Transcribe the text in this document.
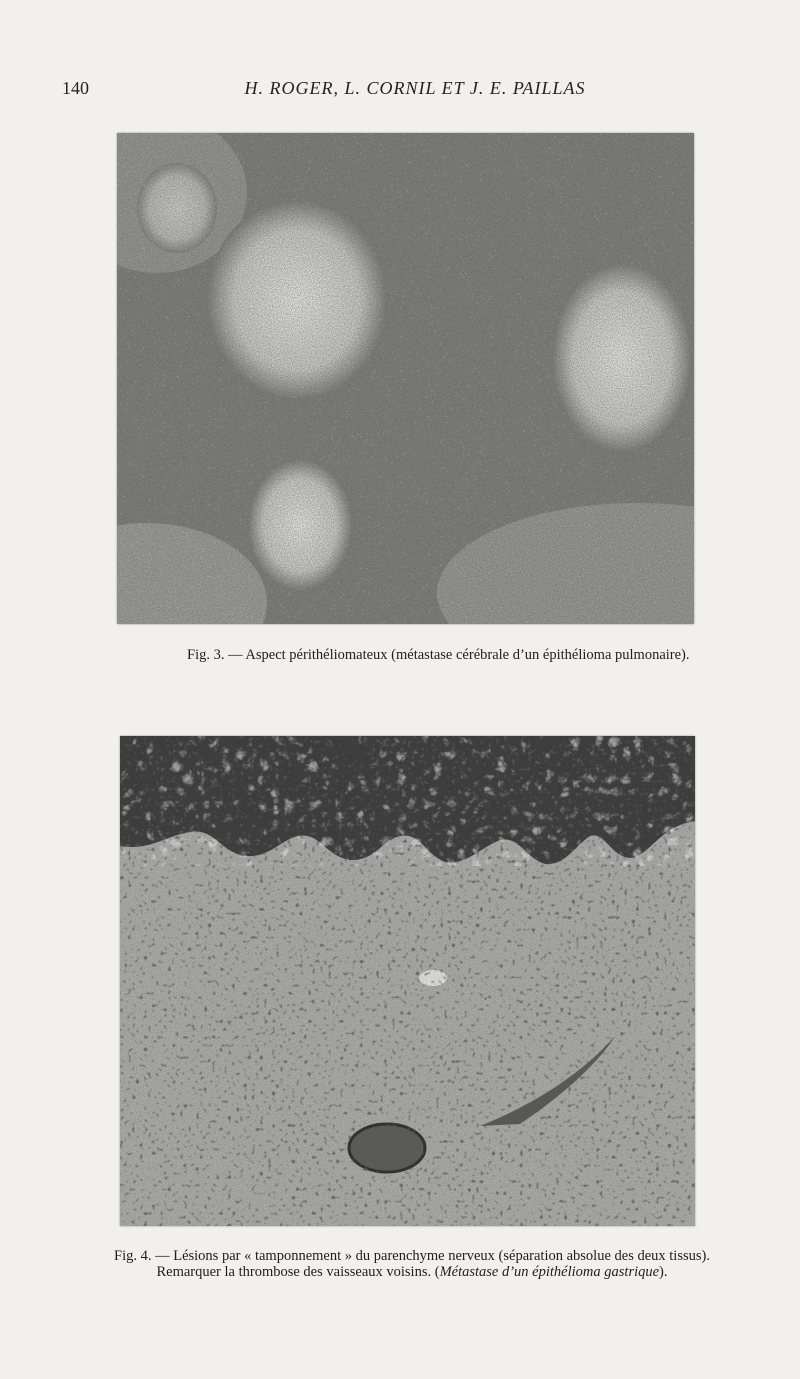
140	H. ROGER, L. CORNIL ET J. E. PAILLAS
Fig. 3. — Aspect périthéliomateux (métastase cérébrale d’un épithélioma pulmonaire).
Fig. 4. — Lésions par « tamponnement » du parenchyme nerveux (séparation absolue des deux tissus).
Remarquer la thrombose des vaisseaux voisins. (Métastase d’un épithélioma gastrique).
